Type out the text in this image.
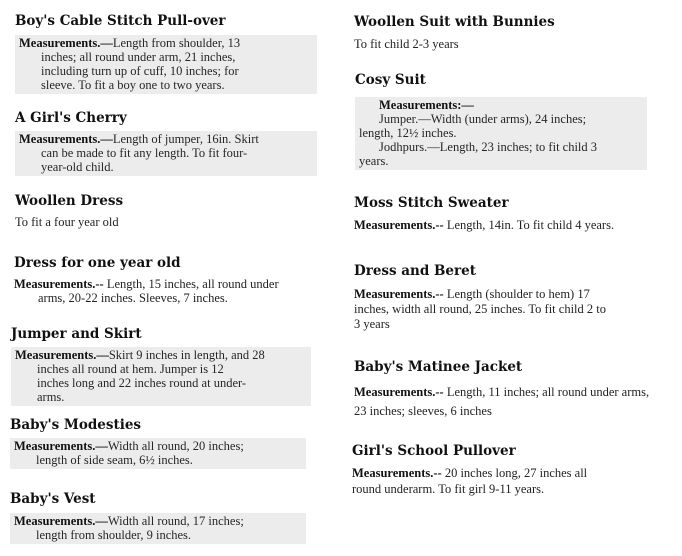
Boy's Cable Stitch Pull-over
Measurements.—Length from shoulder, 13
inches; all round under arm, 21 inches,
including turn up of cuff, 10 inches; for
sleeve. To fit a boy one to two years.
A Girl's Cherry
Measurements.—Length of jumper, 16in. Skirt
can be made to fit any length. To fit four-
year-old child.
Woollen Dress
To fit a four year old
Dress for one year old
Measurements.-- Length, 15 inches, all round under
arms, 20-22 inches. Sleeves, 7 inches.
Jumper and Skirt
Measurements.—Skirt 9 inches in length, and 28
inches all round at hem. Jumper is 12
inches long and 22 inches round at under-
arms.
Baby's Modesties
Measurements.—Width all round, 20 inches;
length of side seam, 6½ inches.
Baby's Vest
Measurements.—Width all round, 17 inches;
length from shoulder, 9 inches.
Woollen Suit with Bunnies
To fit child 2-3 years
Cosy Suit
Measurements:—
Jumper.—Width (under arms), 24 inches;
length, 12½ inches.
Jodhpurs.—Length, 23 inches; to fit child 3
years.
Moss Stitch Sweater
Measurements.-- Length, 14in. To fit child 4 years.
Dress and Beret
Measurements.-- Length (shoulder to hem) 17
inches, width all round, 25 inches. To fit child 2 to
3 years
Baby's Matinee Jacket
Measurements.-- Length, 11 inches; all round under arms,
23 inches; sleeves, 6 inches
Girl's School Pullover
Measurements.-- 20 inches long, 27 inches all
round underarm. To fit girl 9-11 years.
